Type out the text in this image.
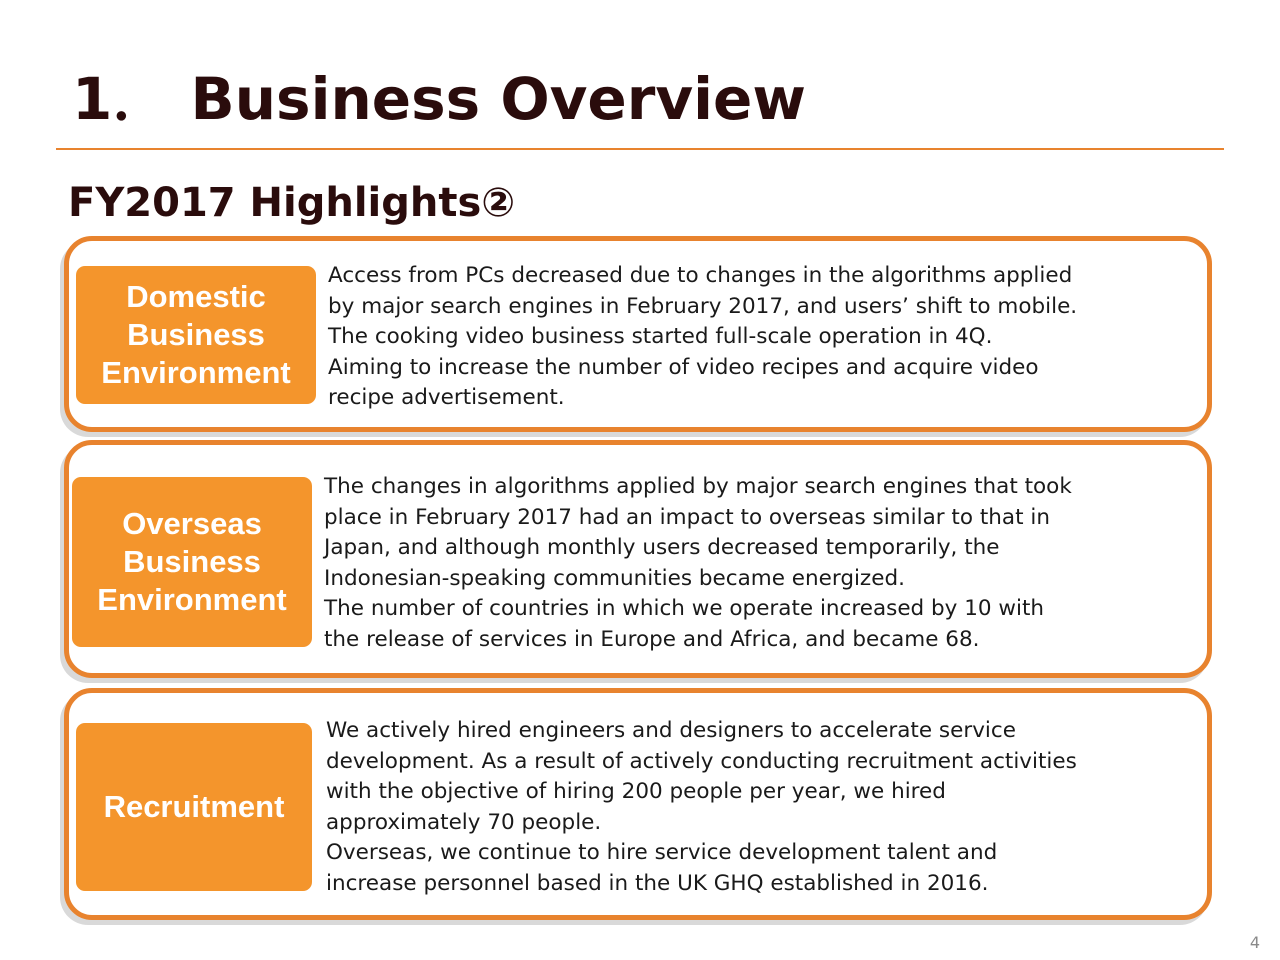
1． Business Overview
FY2017 Highlights②
Domestic
Business
Environment

Access from PCs decreased due to changes in the algorithms applied

by major search engines in February 2017, and users’ shift to mobile.

The cooking video business started full-scale operation in 4Q.

Aiming to increase the number of video recipes and acquire video

recipe advertisement.

Overseas
Business
Environment

The changes in algorithms applied by major search engines that took

place in February 2017 had an impact to overseas similar to that in

Japan, and although monthly users decreased temporarily, the

Indonesian-speaking communities became energized.

The number of countries in which we operate increased by 10 with

the release of services in Europe and Africa, and became 68.

Recruitment

We actively hired engineers and designers to accelerate service

development. As a result of actively conducting recruitment activities

with the objective of hiring 200 people per year, we hired

approximately 70 people.

Overseas, we continue to hire service development talent and

increase personnel based in the UK GHQ established in 2016.

4
